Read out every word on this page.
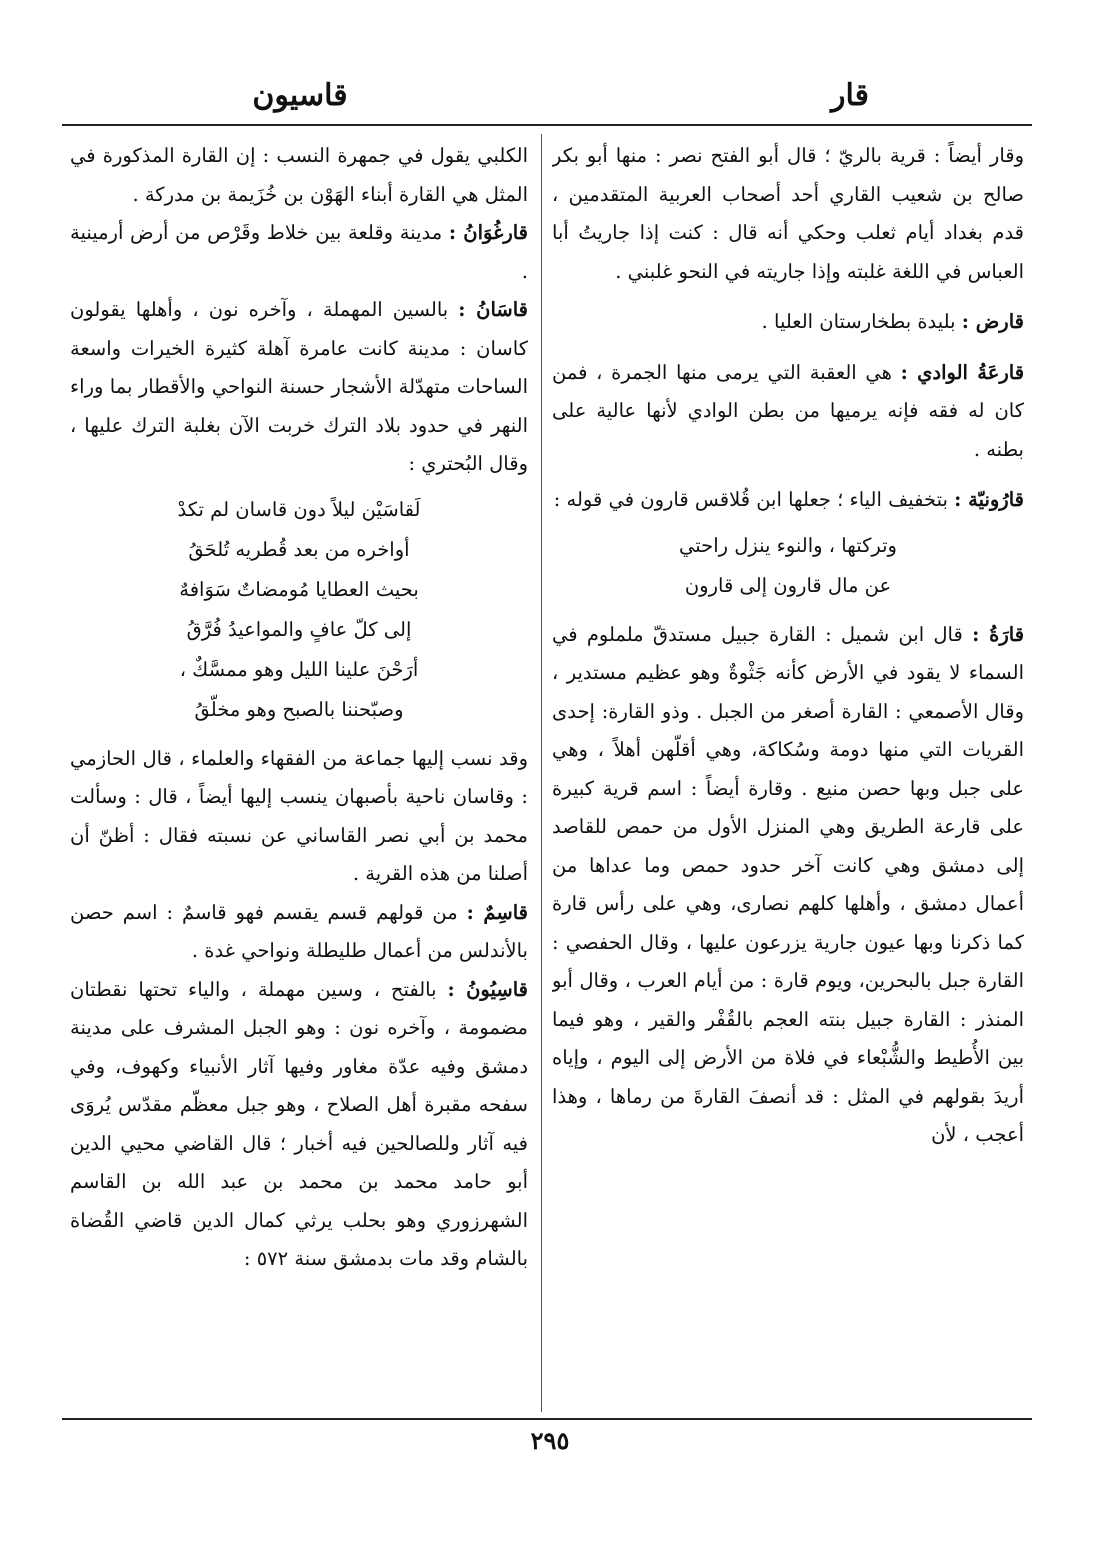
قار
قاسيون

وقار أيضاً : قرية بالريّ ؛ قال أبو الفتح نصر : منها أبو بكر صالح بن شعيب القاري أحد أصحاب العربية المتقدمين ، قدم بغداد أيام ثعلب وحكي أنه قال : كنت إذا جاريتُ أبا العباس في اللغة غلبته وإذا جاريته في النحو غلبني .

قارض : بليدة بطخارستان العليا .

قارعَةُ الوادي : هي العقبة التي يرمى منها الجمرة ، فمن كان له فقه فإنه يرميها من بطن الوادي لأنها عالية على بطنه .

قارُونيّة : بتخفيف الياء ؛ جعلها ابن قُلاقس قارون في قوله :

وتركتها ، والنوء ينزل راحتي

عن مال قارون إلى قارون

قارَةُ : قال ابن شميل : القارة جبيل مستدقّ ململوم في السماء لا يقود في الأرض كأنه جَثْوةٌ وهو عظيم مستدير ، وقال الأصمعي : القارة أصغر من الجبل . وذو القارة: إحدى القريات التي منها دومة وسُكاكة، وهي أقلّهن أهلاً ، وهي على جبل وبها حصن منيع . وقارة أيضاً : اسم قرية كبيرة على قارعة الطريق وهي المنزل الأول من حمص للقاصد إلى دمشق وهي كانت آخر حدود حمص وما عداها من أعمال دمشق ، وأهلها كلهم نصارى، وهي على رأس قارة كما ذكرنا وبها عيون جارية يزرعون عليها ، وقال الحفصي : القارة جبل بالبحرين، ويوم قارة : من أيام العرب ، وقال أبو المنذر : القارة جبيل بنته العجم بالقُفْر والقير ، وهو فيما بين الأُطيط والشُّبْعاء في فلاة من الأرض إلى اليوم ، وإياه أريدَ بقولهم في المثل : قد أنصفَ القارةَ من رماها ، وهذا أعجب ، لأن

الكلبي يقول في جمهرة النسب : إن القارة المذكورة في المثل هي القارة أبناء الهَوْن بن خُزَيمة بن مدركة .

قارغُوَانُ : مدينة وقلعة بين خلاط وقَرْص من أرض أرمينية .

قاسَانُ : بالسين المهملة ، وآخره نون ، وأهلها يقولون كاسان : مدينة كانت عامرة آهلة كثيرة الخيرات واسعة الساحات متهدّلة الأشجار حسنة النواحي والأقطار بما وراء النهر في حدود بلاد الترك خربت الآن بغلبة الترك عليها ، وقال البُحتري :

لَقاسَيْن ليلاً دون قاسان لم تكدْ

أواخره من بعد قُطريه تُلحَقُ

بحيث العطايا مُومضاتٌ سَوَافهٌ

إلى كلّ عافٍ والمواعيدُ فُرَّقُ

أرَحْنَ علينا الليل وهو ممسَّكٌ ،

وصبّحننا بالصبح وهو مخلّقُ

وقد نسب إليها جماعة من الفقهاء والعلماء ، قال الحازمي : وقاسان ناحية بأصبهان ينسب إليها أيضاً ، قال : وسألت محمد بن أبي نصر القاساني عن نسبته فقال : أظنّ أن أصلنا من هذه القرية .

قاسِمٌ : من قولهم قسم يقسم فهو قاسمٌ : اسم حصن بالأندلس من أعمال طليطلة ونواحي غدة .

قاسِيُونُ : بالفتح ، وسين مهملة ، والياء تحتها نقطتان مضمومة ، وآخره نون : وهو الجبل المشرف على مدينة دمشق وفيه عدّة مغاور وفيها آثار الأنبياء وكهوف، وفي سفحه مقبرة أهل الصلاح ، وهو جبل معظّم مقدّس يُروَى فيه آثار وللصالحين فيه أخبار ؛ قال القاضي محيي الدين أبو حامد محمد بن محمد بن عبد الله بن القاسم الشهرزوري وهو بحلب يرثي كمال الدين قاضي القُضاة بالشام وقد مات بدمشق سنة ٥٧٢ :

٢٩٥
